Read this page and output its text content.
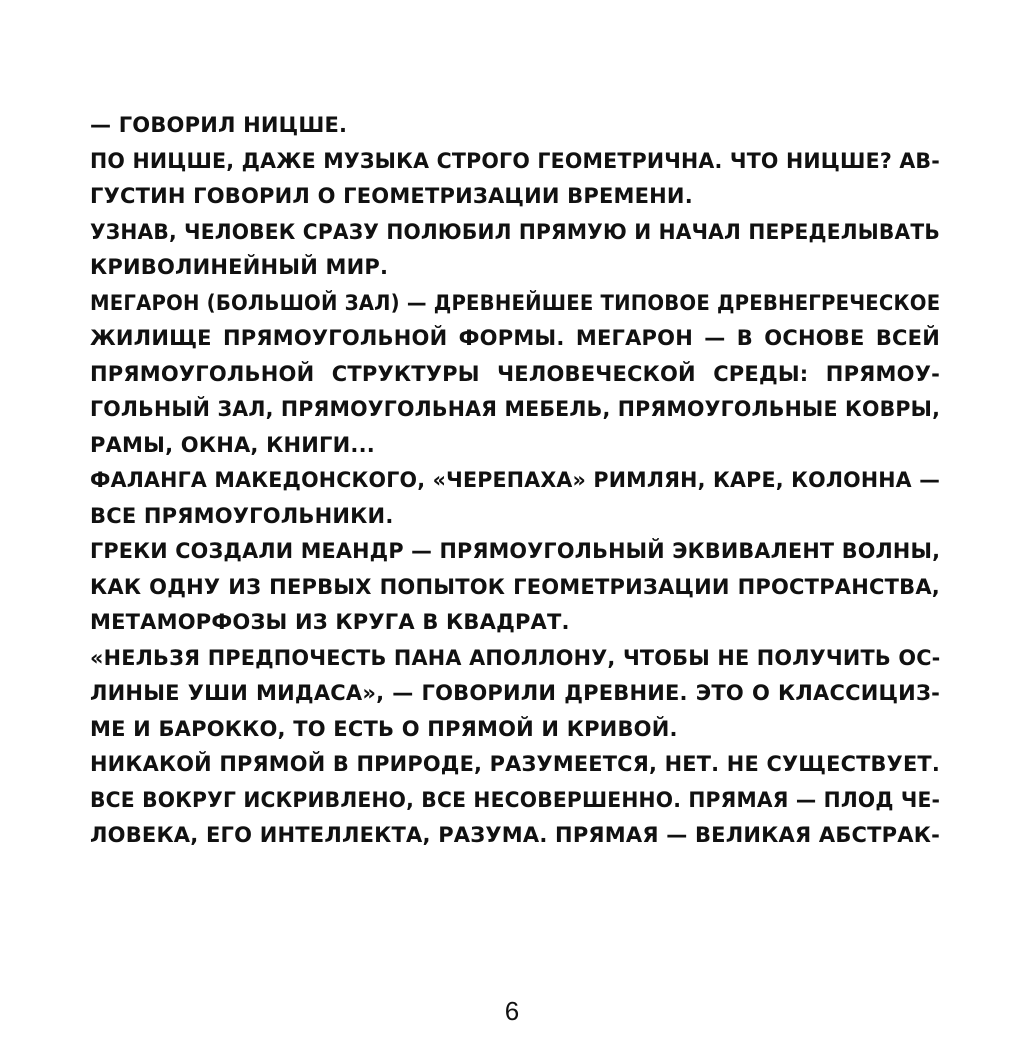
— ГОВОРИЛ НИЦШЕ.
ПО НИЦШЕ, ДАЖЕ МУЗЫКА СТРОГО ГЕОМЕТРИЧНА. ЧТО НИЦШЕ? АВ-
ГУСТИН ГОВОРИЛ О ГЕОМЕТРИЗАЦИИ ВРЕМЕНИ.
УЗНАВ, ЧЕЛОВЕК СРАЗУ ПОЛЮБИЛ ПРЯМУЮ И НАЧАЛ ПЕРЕДЕЛЫВАТЬ
КРИВОЛИНЕЙНЫЙ МИР.
МЕГАРОН (БОЛЬШОЙ ЗАЛ) — ДРЕВНЕЙШЕЕ ТИПОВОЕ ДРЕВНЕГРЕЧЕСКОЕ
ЖИЛИЩЕ ПРЯМОУГОЛЬНОЙ ФОРМЫ. МЕГАРОН — В ОСНОВЕ ВСЕЙ
ПРЯМОУГОЛЬНОЙ СТРУКТУРЫ ЧЕЛОВЕЧЕСКОЙ СРЕДЫ: ПРЯМОУ-
ГОЛЬНЫЙ ЗАЛ, ПРЯМОУГОЛЬНАЯ МЕБЕЛЬ, ПРЯМОУГОЛЬНЫЕ КОВРЫ,
РАМЫ, ОКНА, КНИГИ...
ФАЛАНГА МАКЕДОНСКОГО, «ЧЕРЕПАХА» РИМЛЯН, КАРЕ, КОЛОННА —
ВСЕ ПРЯМОУГОЛЬНИКИ.
ГРЕКИ СОЗДАЛИ МЕАНДР — ПРЯМОУГОЛЬНЫЙ ЭКВИВАЛЕНТ ВОЛНЫ,
КАК ОДНУ ИЗ ПЕРВЫХ ПОПЫТОК ГЕОМЕТРИЗАЦИИ ПРОСТРАНСТВА,
МЕТАМОРФОЗЫ ИЗ КРУГА В КВАДРАТ.
«НЕЛЬЗЯ ПРЕДПОЧЕСТЬ ПАНА АПОЛЛОНУ, ЧТОБЫ НЕ ПОЛУЧИТЬ ОС-
ЛИНЫЕ УШИ МИДАСА», — ГОВОРИЛИ ДРЕВНИЕ. ЭТО О КЛАССИЦИЗ-
МЕ И БАРОККО, ТО ЕСТЬ О ПРЯМОЙ И КРИВОЙ.
НИКАКОЙ ПРЯМОЙ В ПРИРОДЕ, РАЗУМЕЕТСЯ, НЕТ. НЕ СУЩЕСТВУЕТ.
ВСЕ ВОКРУГ ИСКРИВЛЕНО, ВСЕ НЕСОВЕРШЕННО. ПРЯМАЯ — ПЛОД ЧЕ-
ЛОВЕКА, ЕГО ИНТЕЛЛЕКТА, РАЗУМА. ПРЯМАЯ — ВЕЛИКАЯ АБСТРАК-
6
